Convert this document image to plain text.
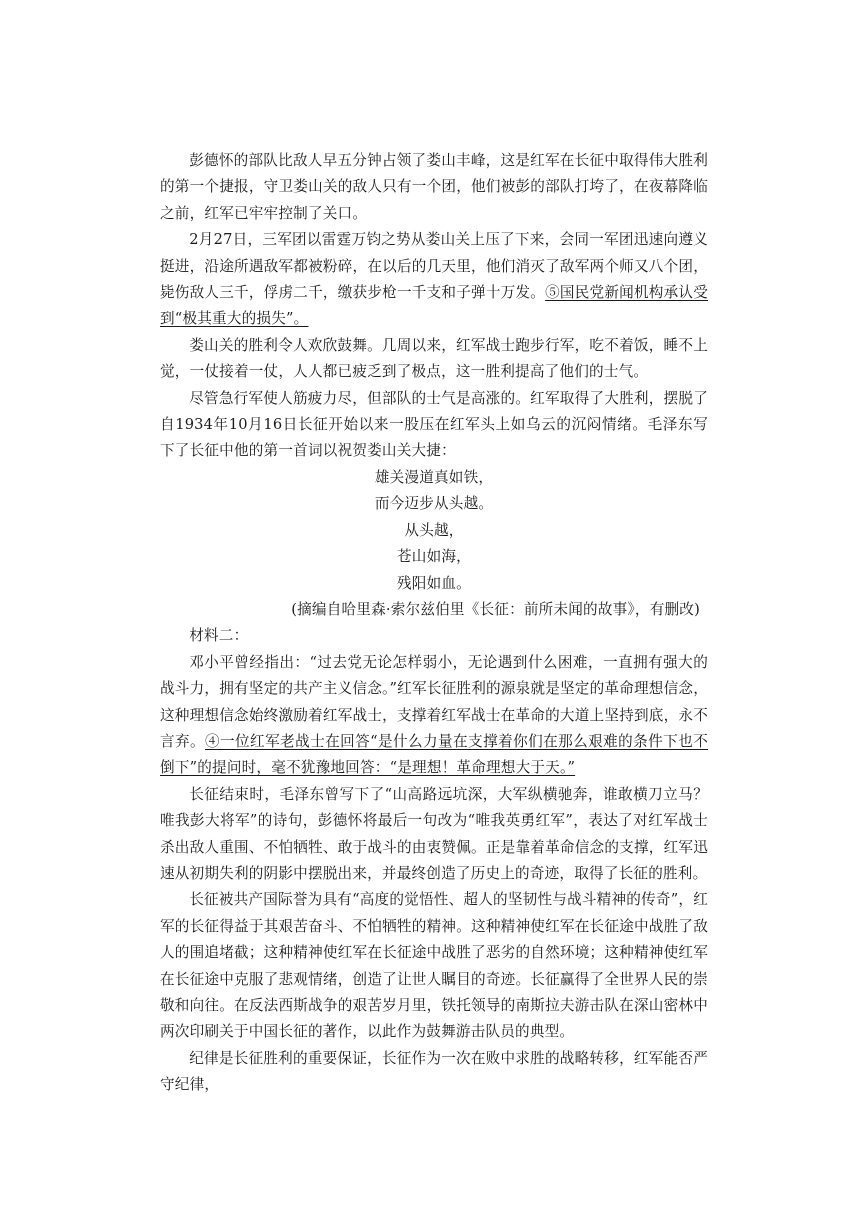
彭德怀的部队比敌人早五分钟占领了娄山丰峰，这是红军在长征中取得伟大胜利的第一个捷报，守卫娄山关的敌人只有一个团，他们被彭的部队打垮了，在夜幕降临之前，红军已牢牢控制了关口。

2月27日，三军团以雷霆万钧之势从娄山关上压了下来，会同一军团迅速向遵义挺进，沿途所遇敌军都被粉碎，在以后的几天里，他们消灭了敌军两个师又八个团，毙伤敌人三千，俘虏二千，缴获步枪一千支和子弹十万发。⑤国民党新闻机构承认受到“极其重大的损失”。

娄山关的胜利令人欢欣鼓舞。几周以来，红军战士跑步行军，吃不着饭，睡不上觉，一仗接着一仗，人人都已疲乏到了极点，这一胜利提高了他们的士气。

尽管急行军使人筋疲力尽，但部队的士气是高涨的。红军取得了大胜利，摆脱了自1934年10月16日长征开始以来一股压在红军头上如乌云的沉闷情绪。毛泽东写下了长征中他的第一首词以祝贺娄山关大捷：

雄关漫道真如铁，
而今迈步从头越。
从头越，
苍山如海，
残阳如血。

(摘编自哈里森·索尔兹伯里《长征：前所未闻的故事》，有删改)

材料二：

邓小平曾经指出：“过去党无论怎样弱小，无论遇到什么困难，一直拥有强大的战斗力，拥有坚定的共产主义信念。”红军长征胜利的源泉就是坚定的革命理想信念，这种理想信念始终激励着红军战士，支撑着红军战士在革命的大道上坚持到底，永不言弃。④一位红军老战士在回答“是什么力量在支撑着你们在那么艰难的条件下也不倒下”的提问时，毫不犹豫地回答：“是理想！革命理想大于天。”

长征结束时，毛泽东曾写下了“山高路远坑深，大军纵横驰奔，谁敢横刀立马？唯我彭大将军”的诗句，彭德怀将最后一句改为“唯我英勇红军”，表达了对红军战士杀出敌人重围、不怕牺牲、敢于战斗的由衷赞佩。正是靠着革命信念的支撑，红军迅速从初期失利的阴影中摆脱出来，并最终创造了历史上的奇迹，取得了长征的胜利。

长征被共产国际誉为具有“高度的觉悟性、超人的坚韧性与战斗精神的传奇”，红军的长征得益于其艰苦奋斗、不怕牺牲的精神。这种精神使红军在长征途中战胜了敌人的围追堵截；这种精神使红军在长征途中战胜了恶劣的自然环境；这种精神使红军在长征途中克服了悲观情绪，创造了让世人瞩目的奇迹。长征赢得了全世界人民的崇敬和向往。在反法西斯战争的艰苦岁月里，铁托领导的南斯拉夫游击队在深山密林中两次印刷关于中国长征的著作，以此作为鼓舞游击队员的典型。

纪律是长征胜利的重要保证，长征作为一次在败中求胜的战略转移，红军能否严守纪律，
